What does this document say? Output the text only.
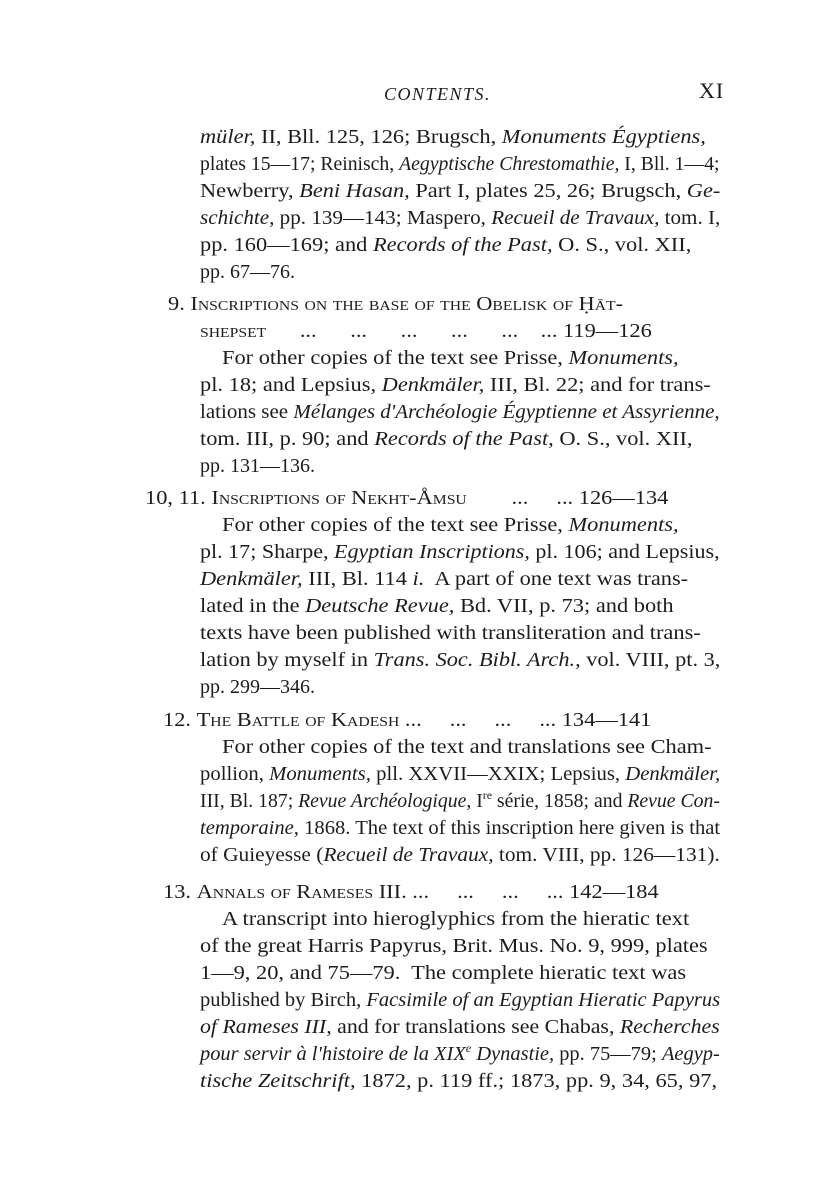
CONTENTS.	XI
müler, II, Bll. 125, 126; Brugsch, Monuments Égyptiens,
plates 15—17; Reinisch, Aegyptische Chrestomathie, I, Bll. 1—4;
Newberry, Beni Hasan, Part I, plates 25, 26; Brugsch, Ge-
schichte, pp. 139—143; Maspero, Recueil de Travaux, tom. I,
pp. 160—169; and Records of the Past, O. S., vol. XII,
pp. 67—76.
9. Inscriptions on the base of the Obelisk of Ḥāt-
shepset      ...      ...      ...      ...      ...    ... 119—126
For other copies of the text see Prisse, Monuments,
pl. 18; and Lepsius, Denkmäler, III, Bl. 22; and for trans-
lations see Mélanges d'Archéologie Égyptienne et Assyrienne,
tom. III, p. 90; and Records of the Past, O. S., vol. XII,
pp. 131—136.
10, 11. Inscriptions of Nekht-Åmsu        ...     ... 126—134
For other copies of the text see Prisse, Monuments,
pl. 17; Sharpe, Egyptian Inscriptions, pl. 106; and Lepsius,
Denkmäler, III, Bl. 114 i.  A part of one text was trans-
lated in the Deutsche Revue, Bd. VII, p. 73; and both
texts have been published with transliteration and trans-
lation by myself in Trans. Soc. Bibl. Arch., vol. VIII, pt. 3,
pp. 299—346.
12. The Battle of Kadesh ...     ...     ...     ... 134—141
For other copies of the text and translations see Cham-
pollion, Monuments, pll. XXVII—XXIX; Lepsius, Denkmäler,
III, Bl. 187; Revue Archéologique, Ire série, 1858; and Revue Con-
temporaine, 1868. The text of this inscription here given is that
of Guieyesse (Recueil de Travaux, tom. VIII, pp. 126—131).
13. Annals of Rameses III. ...     ...     ...     ... 142—184
A transcript into hieroglyphics from the hieratic text
of the great Harris Papyrus, Brit. Mus. No. 9, 999, plates
1—9, 20, and 75—79.  The complete hieratic text was
published by Birch, Facsimile of an Egyptian Hieratic Papyrus
of Rameses III, and for translations see Chabas, Recherches
pour servir à l'histoire de la XIXe Dynastie, pp. 75—79; Aegyp-
tische Zeitschrift, 1872, p. 119 ff.; 1873, pp. 9, 34, 65, 97,
